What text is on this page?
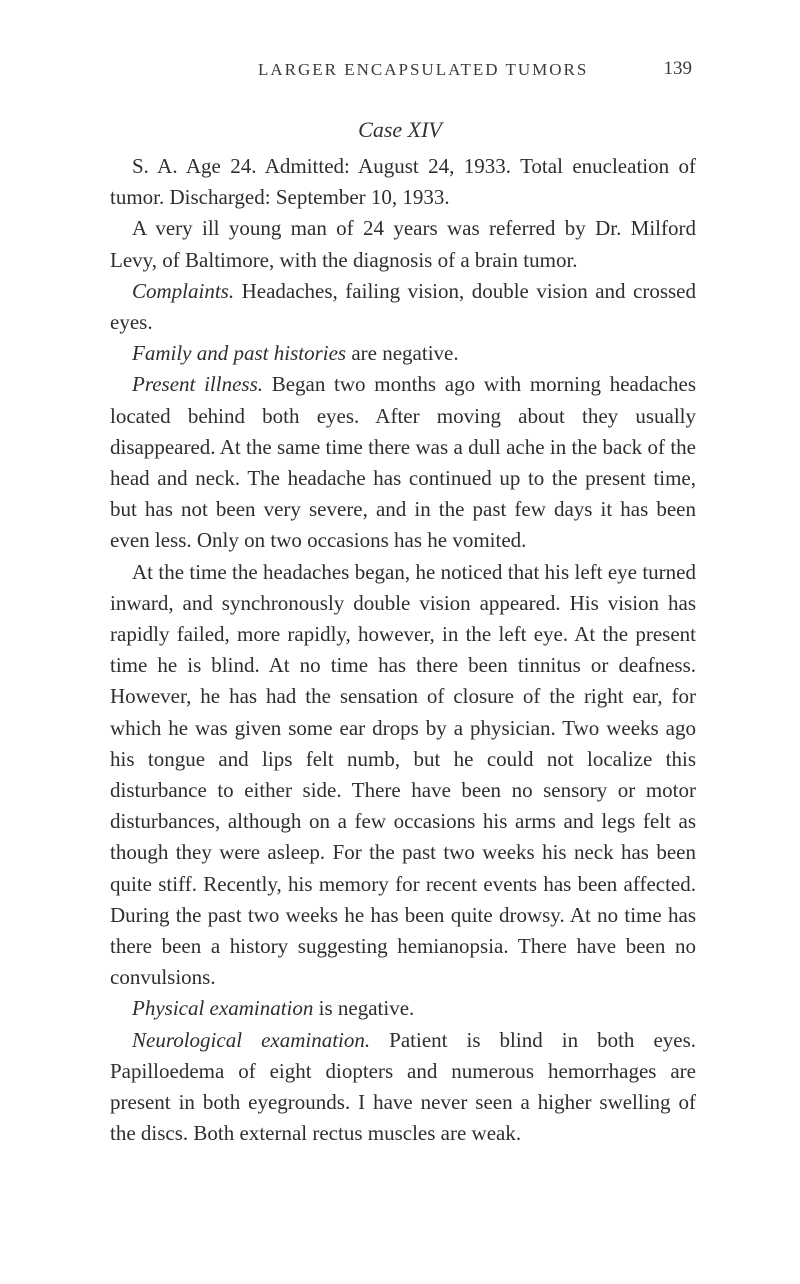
LARGER ENCAPSULATED TUMORS	139
Case XIV

S. A. Age 24. Admitted: August 24, 1933. Total enucleation of tumor. Discharged: September 10, 1933.

A very ill young man of 24 years was referred by Dr. Milford Levy, of Baltimore, with the diagnosis of a brain tumor.

Complaints. Headaches, failing vision, double vision and crossed eyes.

Family and past histories are negative.

Present illness. Began two months ago with morning headaches located behind both eyes. After moving about they usually disappeared. At the same time there was a dull ache in the back of the head and neck. The headache has continued up to the present time, but has not been very severe, and in the past few days it has been even less. Only on two occasions has he vomited.

At the time the headaches began, he noticed that his left eye turned inward, and synchronously double vision appeared. His vision has rapidly failed, more rapidly, however, in the left eye. At the present time he is blind. At no time has there been tinnitus or deafness. However, he has had the sensation of closure of the right ear, for which he was given some ear drops by a physician. Two weeks ago his tongue and lips felt numb, but he could not localize this disturbance to either side. There have been no sensory or motor disturbances, although on a few occasions his arms and legs felt as though they were asleep. For the past two weeks his neck has been quite stiff. Recently, his memory for recent events has been affected. During the past two weeks he has been quite drowsy. At no time has there been a history suggesting hemianopsia. There have been no convulsions.

Physical examination is negative.

Neurological examination. Patient is blind in both eyes. Papilloedema of eight diopters and numerous hemorrhages are present in both eyegrounds. I have never seen a higher swelling of the discs. Both external rectus muscles are weak.
